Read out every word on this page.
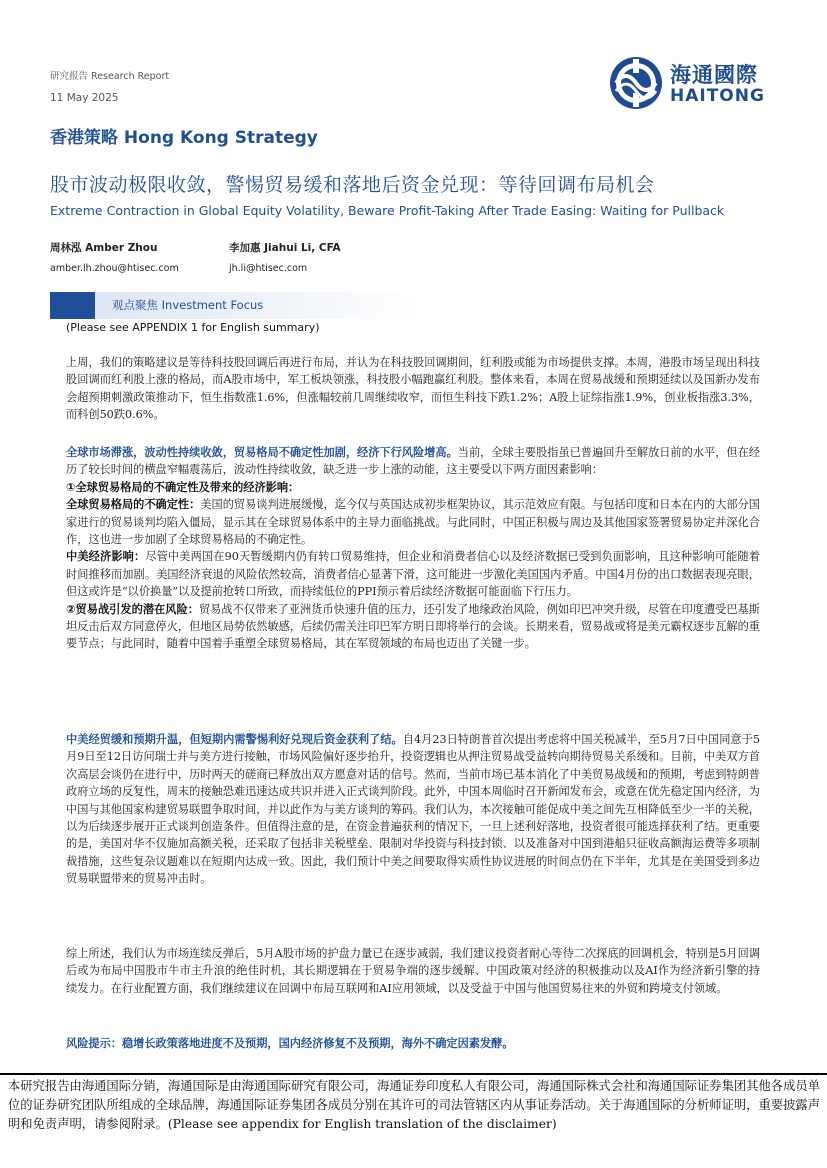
研究报告 Research Report
11 May 2025
海通國際
HAITONG
香港策略 Hong Kong Strategy
股市波动极限收敛，警惕贸易缓和落地后资金兑现：等待回调布局机会
Extreme Contraction in Global Equity Volatility, Beware Profit-Taking After Trade Easing: Waiting for Pullback
周林泓 Amber Zhou
amber.lh.zhou@htisec.com
李加惠 Jiahui Li, CFA
jh.li@htisec.com
观点聚焦 Investment Focus
(Please see APPENDIX 1 for English summary)
上周，我们的策略建议是等待科技股回调后再进行布局，并认为在科技股回调期间，红利股或能为市场提供支撑。本周，港股市场呈现出科技股回调而红利股上涨的格局，而A股市场中，军工板块领涨，科技股小幅跑赢红利股。整体来看，本周在贸易战缓和预期延续以及国新办发布会超预期刺激政策推动下，恒生指数涨1.6%，但涨幅较前几周继续收窄，而恒生科技下跌1.2%；A股上证综指涨1.9%，创业板指涨3.3%，而科创50跌0.6%。
全球市场滞涨，波动性持续收敛，贸易格局不确定性加剧，经济下行风险增高。当前，全球主要股指虽已普遍回升至解放日前的水平，但在经历了较长时间的横盘窄幅震荡后，波动性持续收敛，缺乏进一步上涨的动能，这主要受以下两方面因素影响：
①全球贸易格局的不确定性及带来的经济影响：
全球贸易格局的不确定性：美国的贸易谈判进展缓慢，迄今仅与英国达成初步框架协议，其示范效应有限。与包括印度和日本在内的大部分国家进行的贸易谈判均陷入僵局，显示其在全球贸易体系中的主导力面临挑战。与此同时，中国正积极与周边及其他国家签署贸易协定并深化合作，这也进一步加剧了全球贸易格局的不确定性。
中美经济影响：尽管中美两国在90天暂缓期内仍有转口贸易维持，但企业和消费者信心以及经济数据已受到负面影响，且这种影响可能随着时间推移而加剧。美国经济衰退的风险依然较高，消费者信心显著下滑，这可能进一步激化美国国内矛盾。中国4月份的出口数据表现亮眼，但这或许是“以价换量”以及提前抢转口所致，而持续低位的PPI预示着后续经济数据可能面临下行压力。
②贸易战引发的潜在风险：贸易战不仅带来了亚洲货币快速升值的压力，还引发了地缘政治风险，例如印巴冲突升级，尽管在印度遭受巴基斯坦反击后双方同意停火，但地区局势依然敏感，后续仍需关注印巴军方明日即将举行的会谈。长期来看，贸易战或将是美元霸权逐步瓦解的重要节点；与此同时，随着中国着手重塑全球贸易格局，其在军贸领域的布局也迈出了关键一步。
中美经贸缓和预期升温，但短期内需警惕利好兑现后资金获利了结。自4月23日特朗普首次提出考虑将中国关税减半，至5月7日中国同意于5月9日至12日访问瑞士并与美方进行接触，市场风险偏好逐步抬升，投资逻辑也从押注贸易战受益转向期待贸易关系缓和。目前，中美双方首次高层会谈仍在进行中，历时两天的磋商已释放出双方愿意对话的信号。然而，当前市场已基本消化了中美贸易战缓和的预期，考虑到特朗普政府立场的反复性，周末的接触恐难迅速达成共识并进入正式谈判阶段。此外，中国本周临时召开新闻发布会，或意在优先稳定国内经济，为中国与其他国家构建贸易联盟争取时间，并以此作为与美方谈判的筹码。我们认为，本次接触可能促成中美之间先互相降低至少一半的关税，以为后续逐步展开正式谈判创造条件。但值得注意的是，在资金普遍获利的情况下，一旦上述利好落地，投资者很可能选择获利了结。更重要的是，美国对华不仅施加高额关税，还采取了包括非关税壁垒、限制对华投资与科技封锁、以及准备对中国到港船只征收高额海运费等多项制裁措施，这些复杂议题难以在短期内达成一致。因此，我们预计中美之间要取得实质性协议进展的时间点仍在下半年，尤其是在美国受到多边贸易联盟带来的贸易冲击时。
综上所述，我们认为市场连续反弹后，5月A股市场的护盘力量已在逐步减弱，我们建议投资者耐心等待二次探底的回调机会，特别是5月回调后或为布局中国股市牛市主升浪的绝佳时机，其长期逻辑在于贸易争端的逐步缓解、中国政策对经济的积极推动以及AI作为经济新引擎的持续发力。在行业配置方面，我们继续建议在回调中布局互联网和AI应用领域，以及受益于中国与他国贸易往来的外贸和跨境支付领域。
风险提示：稳增长政策落地进度不及预期，国内经济修复不及预期，海外不确定因素发酵。
本研究报告由海通国际分销，海通国际是由海通国际研究有限公司，海通证券印度私人有限公司，海通国际株式会社和海通国际证券集团其他各成员单位的证券研究团队所组成的全球品牌，海通国际证券集团各成员分别在其许可的司法管辖区内从事证券活动。关于海通国际的分析师证明，重要披露声明和免责声明，请参阅附录。(Please see appendix for English translation of the disclaimer)
